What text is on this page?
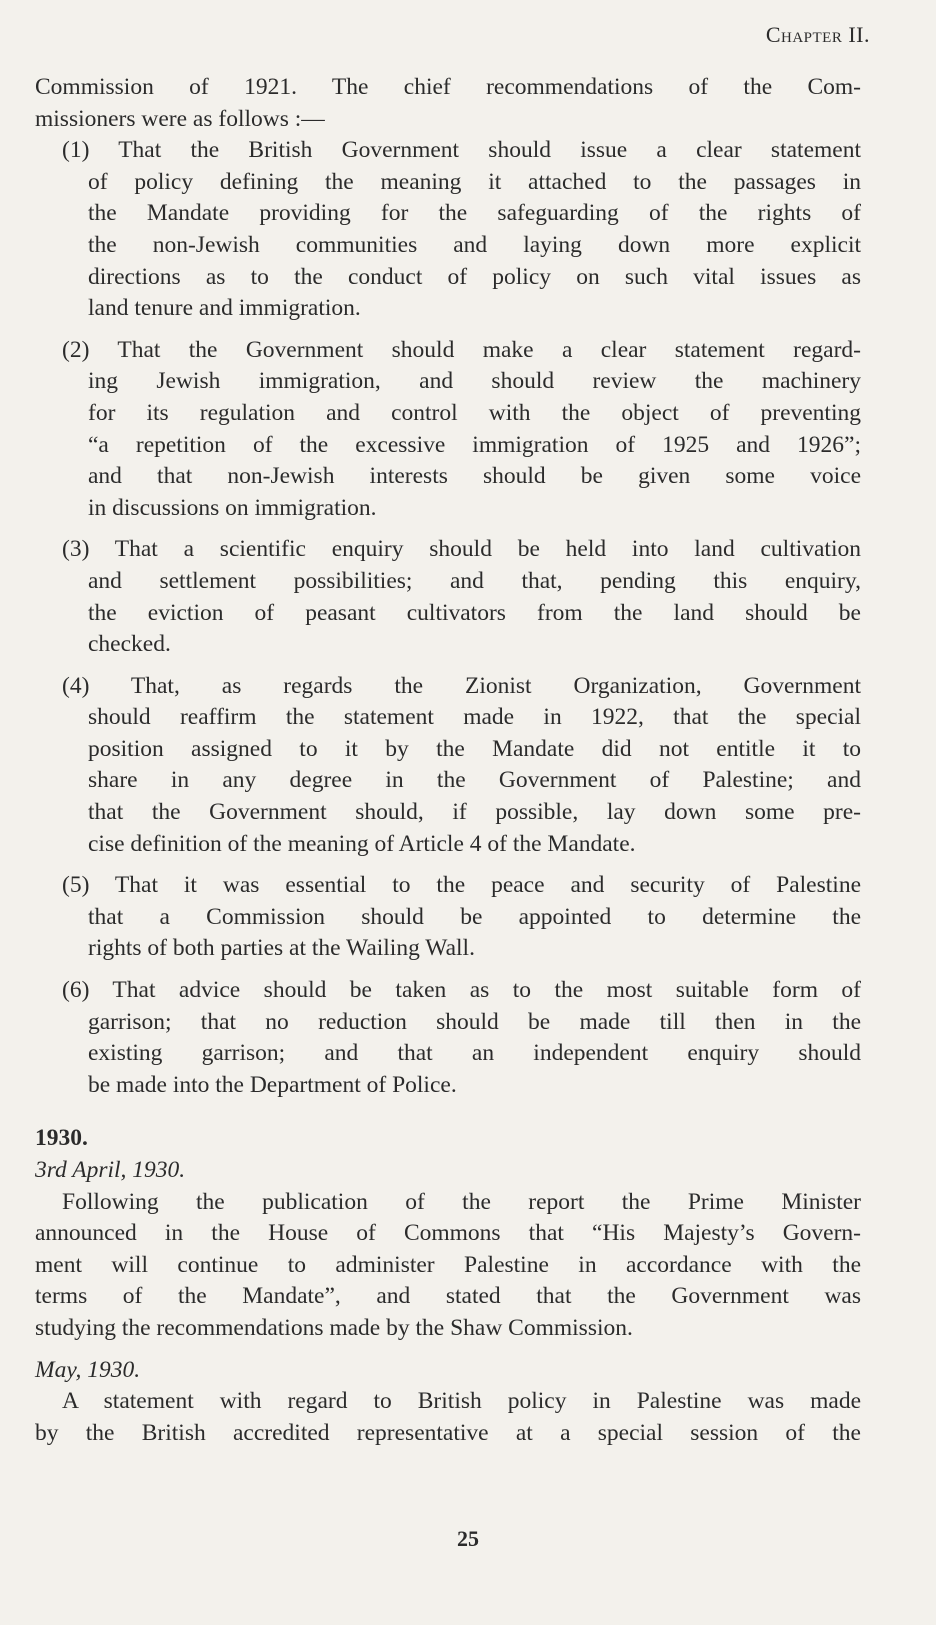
Chapter II.
Commission of 1921. The chief recommendations of the Com-
missioners were as follows :—
(1) That the British Government should issue a clear statement
of policy defining the meaning it attached to the passages in
the Mandate providing for the safeguarding of the rights of
the non-Jewish communities and laying down more explicit
directions as to the conduct of policy on such vital issues as
land tenure and immigration.
(2) That the Government should make a clear statement regard-
ing Jewish immigration, and should review the machinery
for its regulation and control with the object of preventing
“a repetition of the excessive immigration of 1925 and 1926”;
and that non-Jewish interests should be given some voice
in discussions on immigration.
(3) That a scientific enquiry should be held into land cultivation
and settlement possibilities; and that, pending this enquiry,
the eviction of peasant cultivators from the land should be
checked.
(4) That, as regards the Zionist Organization, Government
should reaffirm the statement made in 1922, that the special
position assigned to it by the Mandate did not entitle it to
share in any degree in the Government of Palestine; and
that the Government should, if possible, lay down some pre-
cise definition of the meaning of Article 4 of the Mandate.
(5) That it was essential to the peace and security of Palestine
that a Commission should be appointed to determine the
rights of both parties at the Wailing Wall.
(6) That advice should be taken as to the most suitable form of
garrison; that no reduction should be made till then in the
existing garrison; and that an independent enquiry should
be made into the Department of Police.
1930.
3rd April, 1930.
Following the publication of the report the Prime Minister
announced in the House of Commons that “His Majesty’s Govern-
ment will continue to administer Palestine in accordance with the
terms of the Mandate”, and stated that the Government was
studying the recommendations made by the Shaw Commission.
May, 1930.
A statement with regard to British policy in Palestine was made
by the British accredited representative at a special session of the
25
